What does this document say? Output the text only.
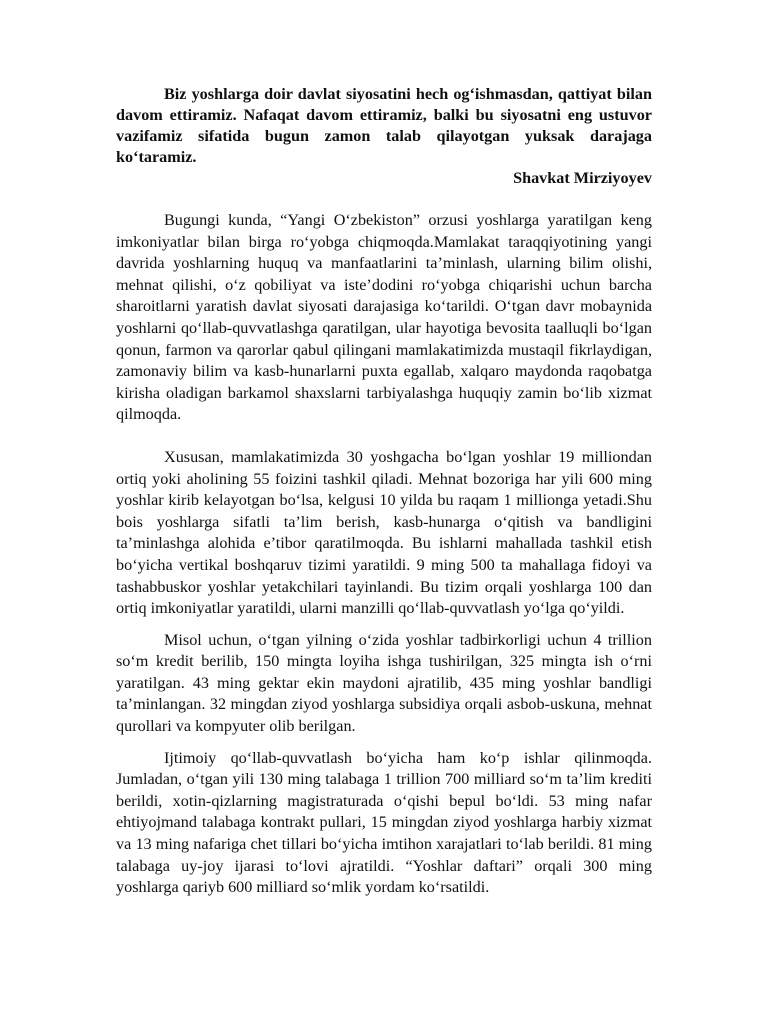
Biz yoshlarga doir davlat siyosatini hech og‘ishmasdan, qattiyat bilan davom ettiramiz. Nafaqat davom ettiramiz, balki bu siyosatni eng ustuvor vazifamiz sifatida bugun zamon talab qilayotgan yuksak darajaga ko‘taramiz.

Shavkat Mirziyoyev

Bugungi kunda, “Yangi O‘zbekiston” orzusi yoshlarga yaratilgan keng imkoniyatlar bilan birga ro‘yobga chiqmoqda.Mamlakat taraqqiyotining yangi davrida yoshlarning huquq va manfaatlarini ta’minlash, ularning bilim olishi, mehnat qilishi, o‘z qobiliyat va iste’dodini ro‘yobga chiqarishi uchun barcha sharoitlarni yaratish davlat siyosati darajasiga ko‘tarildi. O‘tgan davr mobaynida yoshlarni qo‘llab-quvvatlashga qaratilgan, ular hayotiga bevosita taalluqli bo‘lgan qonun, farmon va qarorlar qabul qilingani mamlakatimizda mustaqil fikrlaydigan, zamonaviy bilim va kasb-hunarlarni puxta egallab, xalqaro maydonda raqobatga kirisha oladigan barkamol shaxslarni tarbiyalashga huquqiy zamin bo‘lib xizmat qilmoqda.

Xususan, mamlakatimizda 30 yoshgacha bo‘lgan yoshlar 19 milliondan ortiq yoki aholining 55 foizini tashkil qiladi. Mehnat bozoriga har yili 600 ming yoshlar kirib kelayotgan bo‘lsa, kelgusi 10 yilda bu raqam 1 millionga yetadi.Shu bois yoshlarga sifatli ta’lim berish, kasb-hunarga o‘qitish va bandligini ta’minlashga alohida e’tibor qaratilmoqda. Bu ishlarni mahallada tashkil etish bo‘yicha vertikal boshqaruv tizimi yaratildi. 9 ming 500 ta mahallaga fidoyi va tashabbuskor yoshlar yetakchilari tayinlandi. Bu tizim orqali yoshlarga 100 dan ortiq imkoniyatlar yaratildi, ularni manzilli qo‘llab-quvvatlash yo‘lga qo‘yildi.

Misol uchun, o‘tgan yilning o‘zida yoshlar tadbirkorligi uchun 4 trillion so‘m kredit berilib, 150 mingta loyiha ishga tushirilgan, 325 mingta ish o‘rni yaratilgan. 43 ming gektar ekin maydoni ajratilib, 435 ming yoshlar bandligi ta’minlangan. 32 mingdan ziyod yoshlarga subsidiya orqali asbob-uskuna, mehnat qurollari va kompyuter olib berilgan.

Ijtimoiy qo‘llab-quvvatlash bo‘yicha ham ko‘p ishlar qilinmoqda. Jumladan, o‘tgan yili 130 ming talabaga 1 trillion 700 milliard so‘m ta’lim krediti berildi, xotin-qizlarning magistraturada o‘qishi bepul bo‘ldi. 53 ming nafar ehtiyojmand talabaga kontrakt pullari, 15 mingdan ziyod yoshlarga harbiy xizmat va 13 ming nafariga chet tillari bo‘yicha imtihon xarajatlari to‘lab berildi. 81 ming talabaga uy-joy ijarasi to‘lovi ajratildi. “Yoshlar daftari” orqali 300 ming yoshlarga qariyb 600 milliard so‘mlik yordam ko‘rsatildi.
